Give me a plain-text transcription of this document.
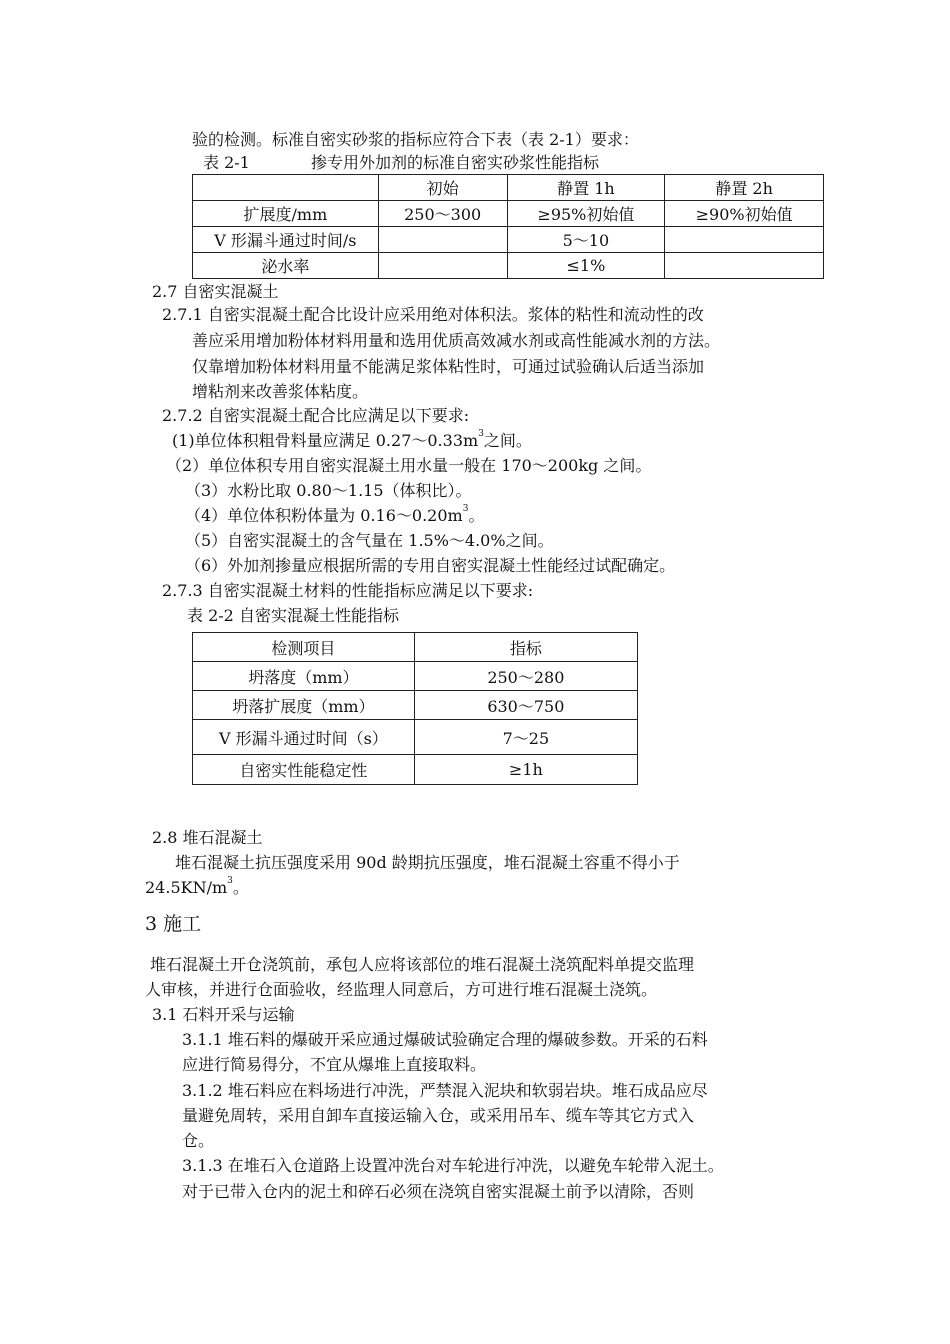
验的检测。标准自密实砂浆的指标应符合下表（表 2-1）要求：
表 2-1	掺专用外加剂的标准自密实砂浆性能指标
	初始	静置 1h	静置 2h
扩展度/mm	250～300	≥95%初始值	≥90%初始值
V 形漏斗通过时间/s		5～10	
泌水率		≤1%	
2.7 自密实混凝土
2.7.1 自密实混凝土配合比设计应采用绝对体积法。浆体的粘性和流动性的改
善应采用增加粉体材料用量和选用优质高效减水剂或高性能减水剂的方法。
仅靠增加粉体材料用量不能满足浆体粘性时，可通过试验确认后适当添加
增粘剂来改善浆体粘度。
2.7.2 自密实混凝土配合比应满足以下要求:
(1)单位体积粗骨料量应满足 $0.27\sim 0.33m^3$之间。
（2）单位体积专用自密实混凝土用水量一般在 170～200kg 之间。
（3）水粉比取 0.80～1.15（体积比）。
（4）单位体积粉体量为 $0.16\sim 0.20m^3$。
（5）自密实混凝土的含气量在 1.5%～4.0%之间。
（6）外加剂掺量应根据所需的专用自密实混凝土性能经过试配确定。
2.7.3 自密实混凝土材料的性能指标应满足以下要求:
表 2-2 自密实混凝土性能指标
检测项目	指标
坍落度（mm）	250～280
坍落扩展度（mm）	630～750
V 形漏斗通过时间（s）	7～25
自密实性能稳定性	≥1h
2.8 堆石混凝土
堆石混凝土抗压强度采用 90d 龄期抗压强度，堆石混凝土容重不得小于
$24.5KN/m^3$。
3 施工
堆石混凝土开仓浇筑前，承包人应将该部位的堆石混凝土浇筑配料单提交监理
人审核，并进行仓面验收，经监理人同意后，方可进行堆石混凝土浇筑。
3.1 石料开采与运输
3.1.1 堆石料的爆破开采应通过爆破试验确定合理的爆破参数。开采的石料
应进行简易得分，不宜从爆堆上直接取料。
3.1.2 堆石料应在料场进行冲洗，严禁混入泥块和软弱岩块。堆石成品应尽
量避免周转，采用自卸车直接运输入仓，或采用吊车、缆车等其它方式入
仓。
3.1.3 在堆石入仓道路上设置冲洗台对车轮进行冲洗，以避免车轮带入泥土。
对于已带入仓内的泥土和碎石必须在浇筑自密实混凝土前予以清除，否则
